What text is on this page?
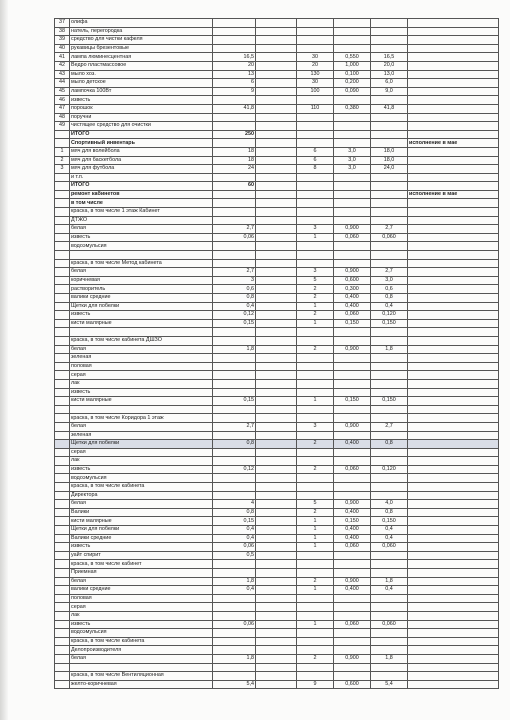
37	олифа						
38	натель, перегородка						
39	средство для чистки кафеля						
40	рукавицы брезентовые						
41	лампа люминесцентная	16,5		30	0,550	16,5	
42	Ведро пластмассовое	20		20	1,000	20,0	
43	мыло хоз.	13		130	0,100	13,0	
44	мыло детское	6		30	0,200	6,0	
45	лампочка 100Вт	9		100	0,090	9,0	
46	известь						
47	порошок	41,8		110	0,380	41,8	
48	поручни						
49	чистящее средство для очистки						
	ИТОГО	250					
	Спортивный инвентарь						исполнение в мае
1	мяч для волейбола	18		6	3,0	18,0	
2	мяч для баскетбола	18		6	3,0	18,0	
3	мяч для футбола	24		8	3,0	24,0	
	и т.п.						
	ИТОГО	60					
	ремонт кабинетов						исполнение в мае
	в том числе						
	краска, в том числе 1 этаж Кабинет						
	ДТЖО						
	белая	2,7		3	0,900	2,7	
	известь	0,06		1	0,060	0,060	
	водоэмульсия						

	краска, в том числе Метод кабинета						
	белая	2,7		3	0,900	2,7	
	коричневая	3		5	0,600	3,0	
	растворитель	0,6		2	0,300	0,6	
	валики средние	0,8		2	0,400	0,8	
	Щетки для побелки	0,4		1	0,400	0,4	
	известь	0,12		2	0,060	0,120	
	кисти малярные	0,15		1	0,150	0,150	

	краска, в том числе кабинета ДШЗО						
	белая	1,8		2	0,900	1,8	
	зеленая						
	половая						
	серая						
	лак						
	известь						
	кисти малярные	0,15		1	0,150	0,150	

	краска, в том числе Коридора 1 этаж						
	белая	2,7		3	0,900	2,7	
	зеленая						
	Щетки для побелки	0,8		2	0,400	0,8	
	серая						
	лак						
	известь	0,12		2	0,060	0,120	
	водоэмульсия						
	краска, в том числе кабинета						
	Директора						
	белая	4		5	0,900	4,0	
	Валики	0,8		2	0,400	0,8	
	кисти малярные	0,15		1	0,150	0,150	
	Щетки для побелки	0,4		1	0,400	0,4	
	Валики средние	0,4		1	0,400	0,4	
	известь	0,06		1	0,060	0,060	
	уайт спирит	0,5					
	краска, в том числе кабинет						
	Приемная						
	белая	1,8		2	0,900	1,8	
	валики средние	0,4		1	0,400	0,4	
	половая						
	серая						
	лак						
	известь	0,06		1	0,060	0,060	
	водоэмульсия						
	краска, в том числе кабинета						
	Делопроизводителя						
	белая	1,8		2	0,900	1,8	

	краска, в том числе Вентиляционная						
	желто-коричневая	5,4		9	0,600	5,4	
